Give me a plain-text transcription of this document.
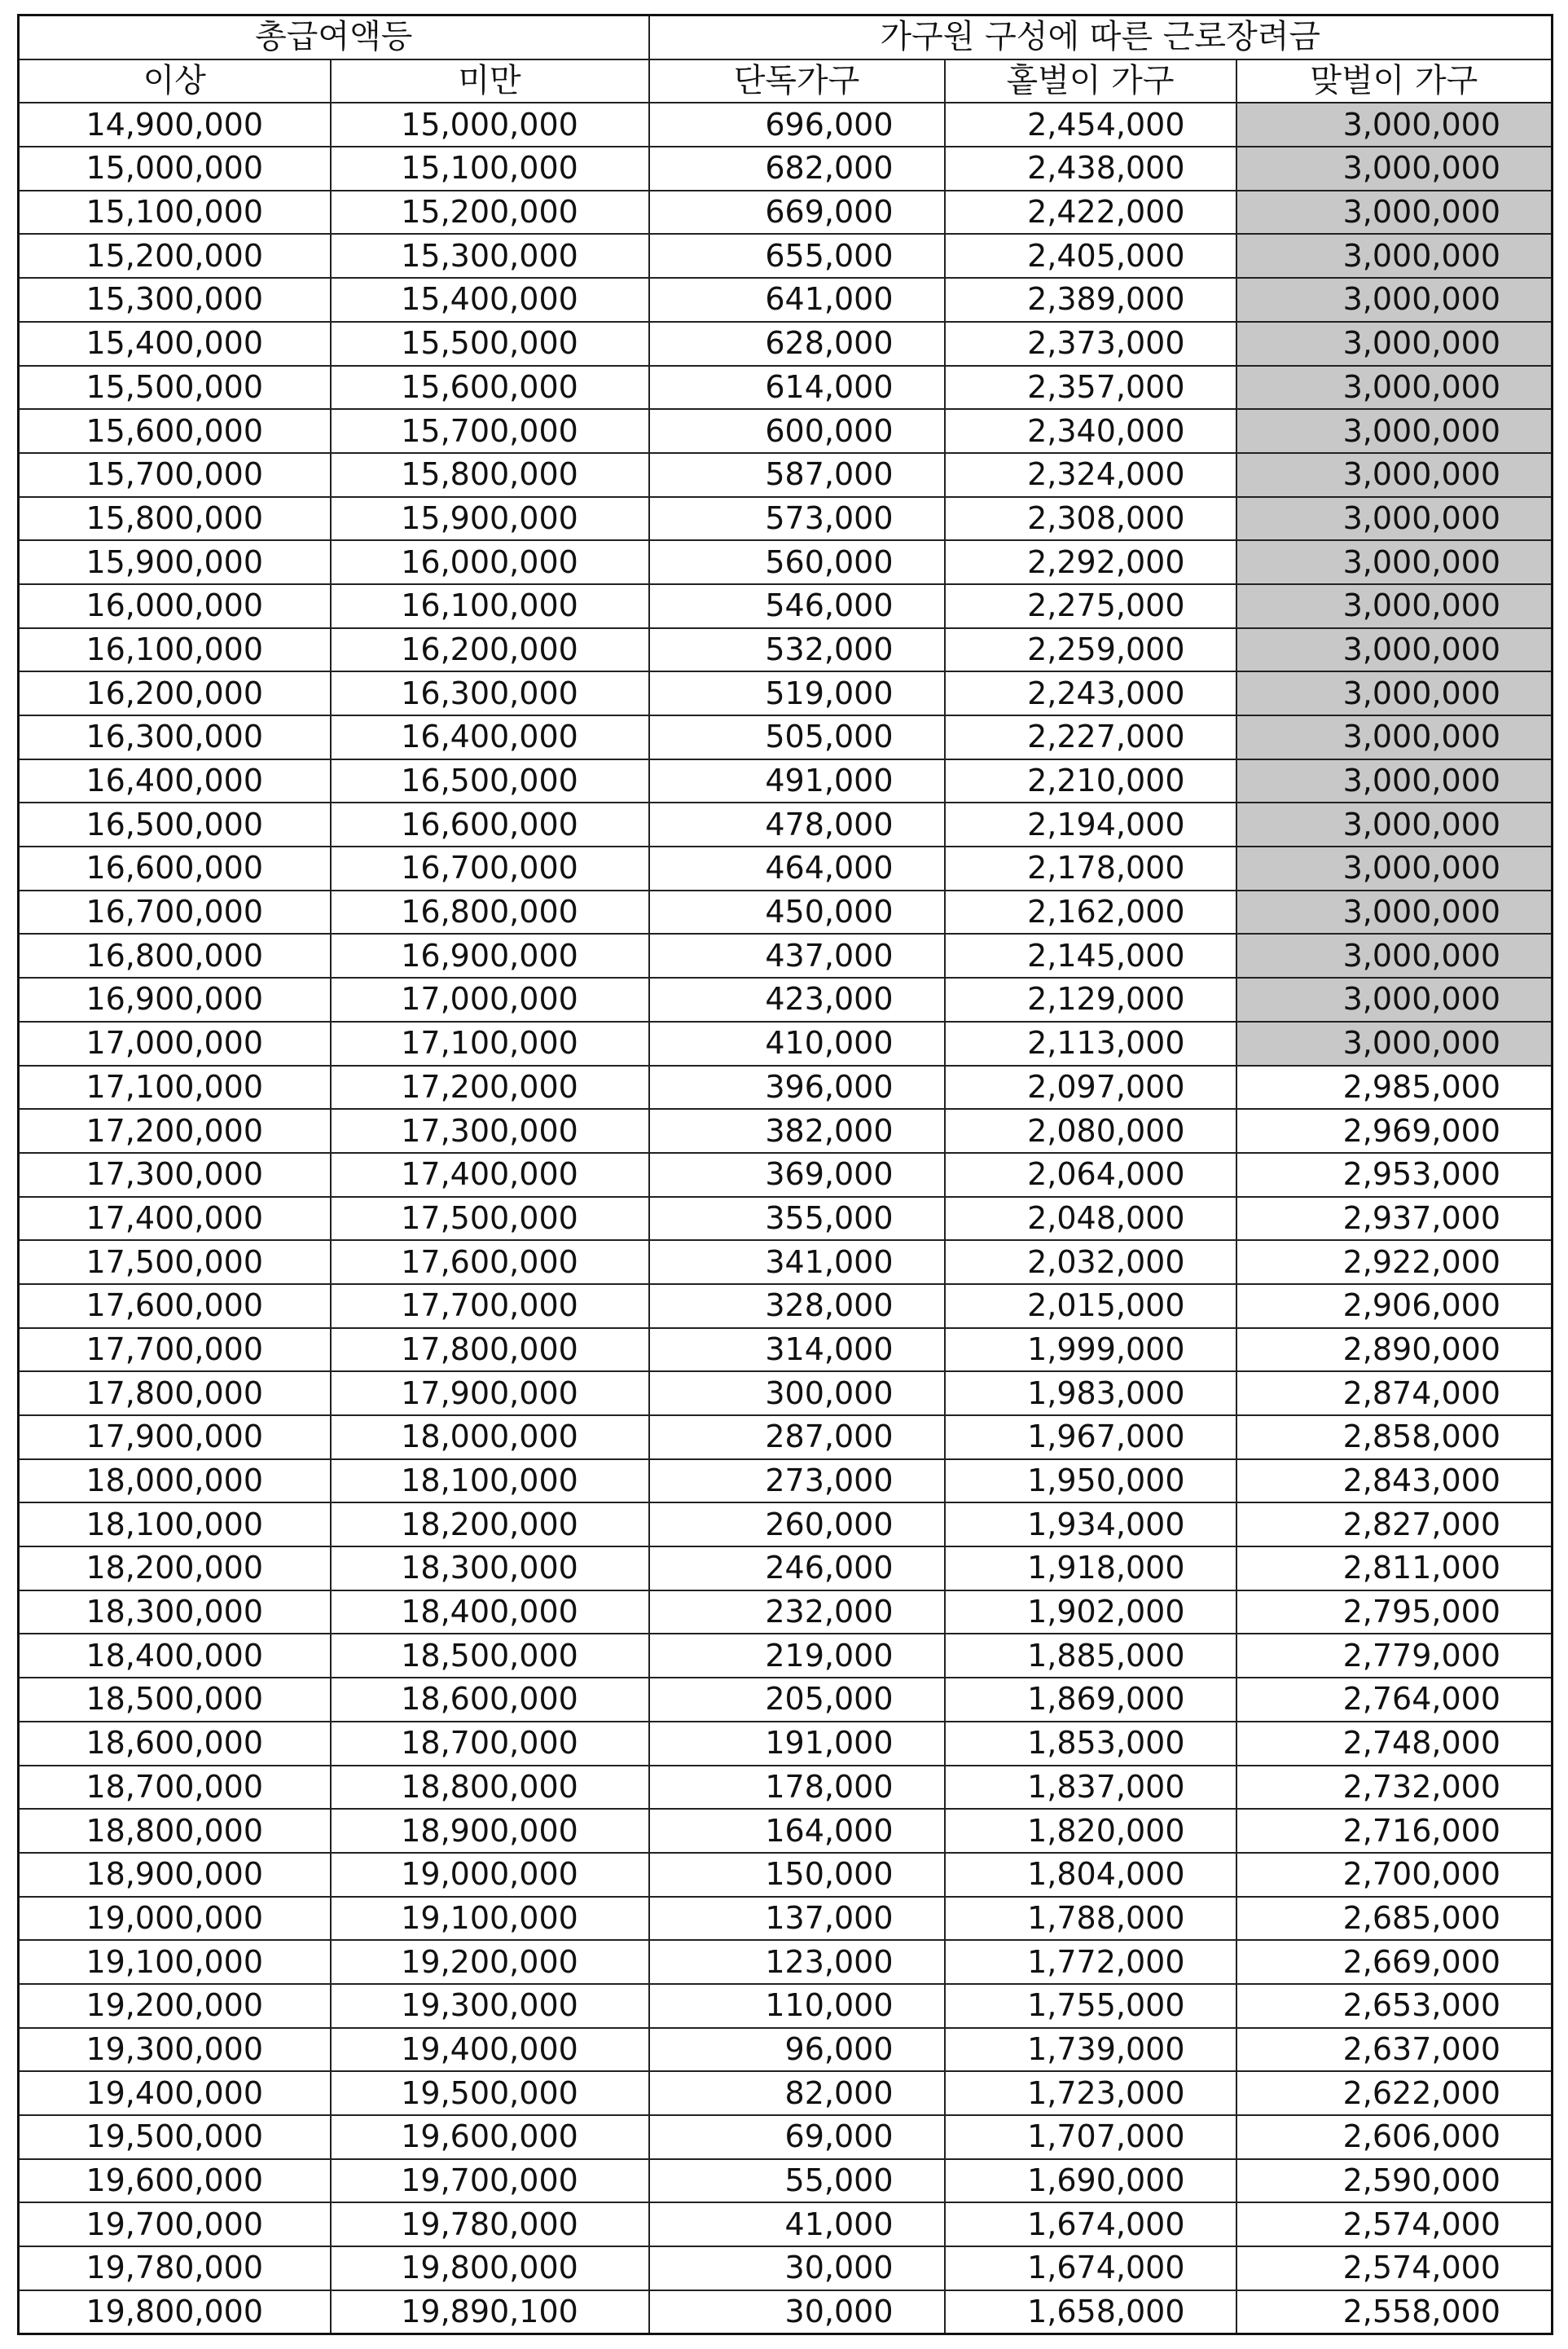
총급여액등		가구원 구성에 따른 근로장려금		
이상	미만	단독가구	홑벌이 가구	맞벌이 가구
14,900,000	15,000,000	696,000	2,454,000	3,000,000
15,000,000	15,100,000	682,000	2,438,000	3,000,000
15,100,000	15,200,000	669,000	2,422,000	3,000,000
15,200,000	15,300,000	655,000	2,405,000	3,000,000
15,300,000	15,400,000	641,000	2,389,000	3,000,000
15,400,000	15,500,000	628,000	2,373,000	3,000,000
15,500,000	15,600,000	614,000	2,357,000	3,000,000
15,600,000	15,700,000	600,000	2,340,000	3,000,000
15,700,000	15,800,000	587,000	2,324,000	3,000,000
15,800,000	15,900,000	573,000	2,308,000	3,000,000
15,900,000	16,000,000	560,000	2,292,000	3,000,000
16,000,000	16,100,000	546,000	2,275,000	3,000,000
16,100,000	16,200,000	532,000	2,259,000	3,000,000
16,200,000	16,300,000	519,000	2,243,000	3,000,000
16,300,000	16,400,000	505,000	2,227,000	3,000,000
16,400,000	16,500,000	491,000	2,210,000	3,000,000
16,500,000	16,600,000	478,000	2,194,000	3,000,000
16,600,000	16,700,000	464,000	2,178,000	3,000,000
16,700,000	16,800,000	450,000	2,162,000	3,000,000
16,800,000	16,900,000	437,000	2,145,000	3,000,000
16,900,000	17,000,000	423,000	2,129,000	3,000,000
17,000,000	17,100,000	410,000	2,113,000	3,000,000
17,100,000	17,200,000	396,000	2,097,000	2,985,000
17,200,000	17,300,000	382,000	2,080,000	2,969,000
17,300,000	17,400,000	369,000	2,064,000	2,953,000
17,400,000	17,500,000	355,000	2,048,000	2,937,000
17,500,000	17,600,000	341,000	2,032,000	2,922,000
17,600,000	17,700,000	328,000	2,015,000	2,906,000
17,700,000	17,800,000	314,000	1,999,000	2,890,000
17,800,000	17,900,000	300,000	1,983,000	2,874,000
17,900,000	18,000,000	287,000	1,967,000	2,858,000
18,000,000	18,100,000	273,000	1,950,000	2,843,000
18,100,000	18,200,000	260,000	1,934,000	2,827,000
18,200,000	18,300,000	246,000	1,918,000	2,811,000
18,300,000	18,400,000	232,000	1,902,000	2,795,000
18,400,000	18,500,000	219,000	1,885,000	2,779,000
18,500,000	18,600,000	205,000	1,869,000	2,764,000
18,600,000	18,700,000	191,000	1,853,000	2,748,000
18,700,000	18,800,000	178,000	1,837,000	2,732,000
18,800,000	18,900,000	164,000	1,820,000	2,716,000
18,900,000	19,000,000	150,000	1,804,000	2,700,000
19,000,000	19,100,000	137,000	1,788,000	2,685,000
19,100,000	19,200,000	123,000	1,772,000	2,669,000
19,200,000	19,300,000	110,000	1,755,000	2,653,000
19,300,000	19,400,000	96,000	1,739,000	2,637,000
19,400,000	19,500,000	82,000	1,723,000	2,622,000
19,500,000	19,600,000	69,000	1,707,000	2,606,000
19,600,000	19,700,000	55,000	1,690,000	2,590,000
19,700,000	19,780,000	41,000	1,674,000	2,574,000
19,780,000	19,800,000	30,000	1,674,000	2,574,000
19,800,000	19,890,100	30,000	1,658,000	2,558,000
